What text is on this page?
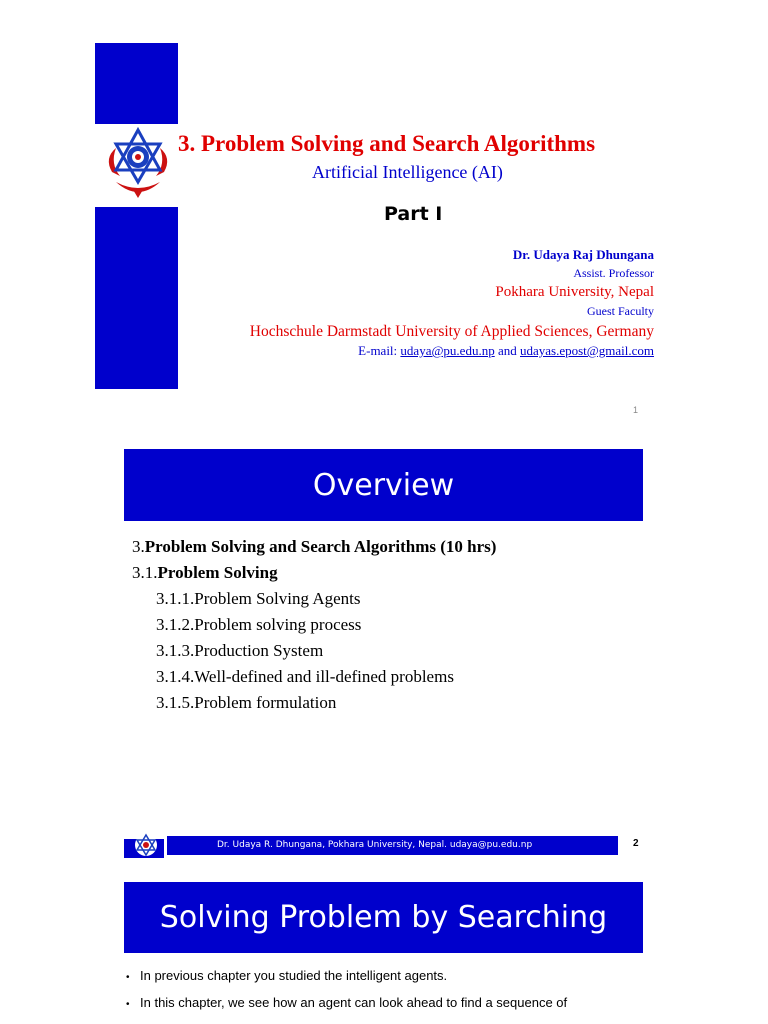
3. Problem Solving and Search Algorithms
Artificial Intelligence (AI)
Part I
Dr. Udaya Raj Dhungana
Assist. Professor
Pokhara University, Nepal
Guest Faculty
Hochschule Darmstadt University of Applied Sciences, Germany
E-mail: udaya@pu.edu.np and udayas.epost@gmail.com
1
Overview
3.Problem Solving and Search Algorithms (10 hrs)
3.1.Problem Solving
3.1.1.Problem Solving Agents
3.1.2.Problem solving process
3.1.3.Production System
3.1.4.Well-defined and ill-defined problems
3.1.5.Problem formulation
Dr. Udaya R. Dhungana, Pokhara University, Nepal. udaya@pu.edu.np	2
Solving Problem by Searching
• In previous chapter you studied the intelligent agents.
• In this chapter, we see how an agent can look ahead to find a sequence of
